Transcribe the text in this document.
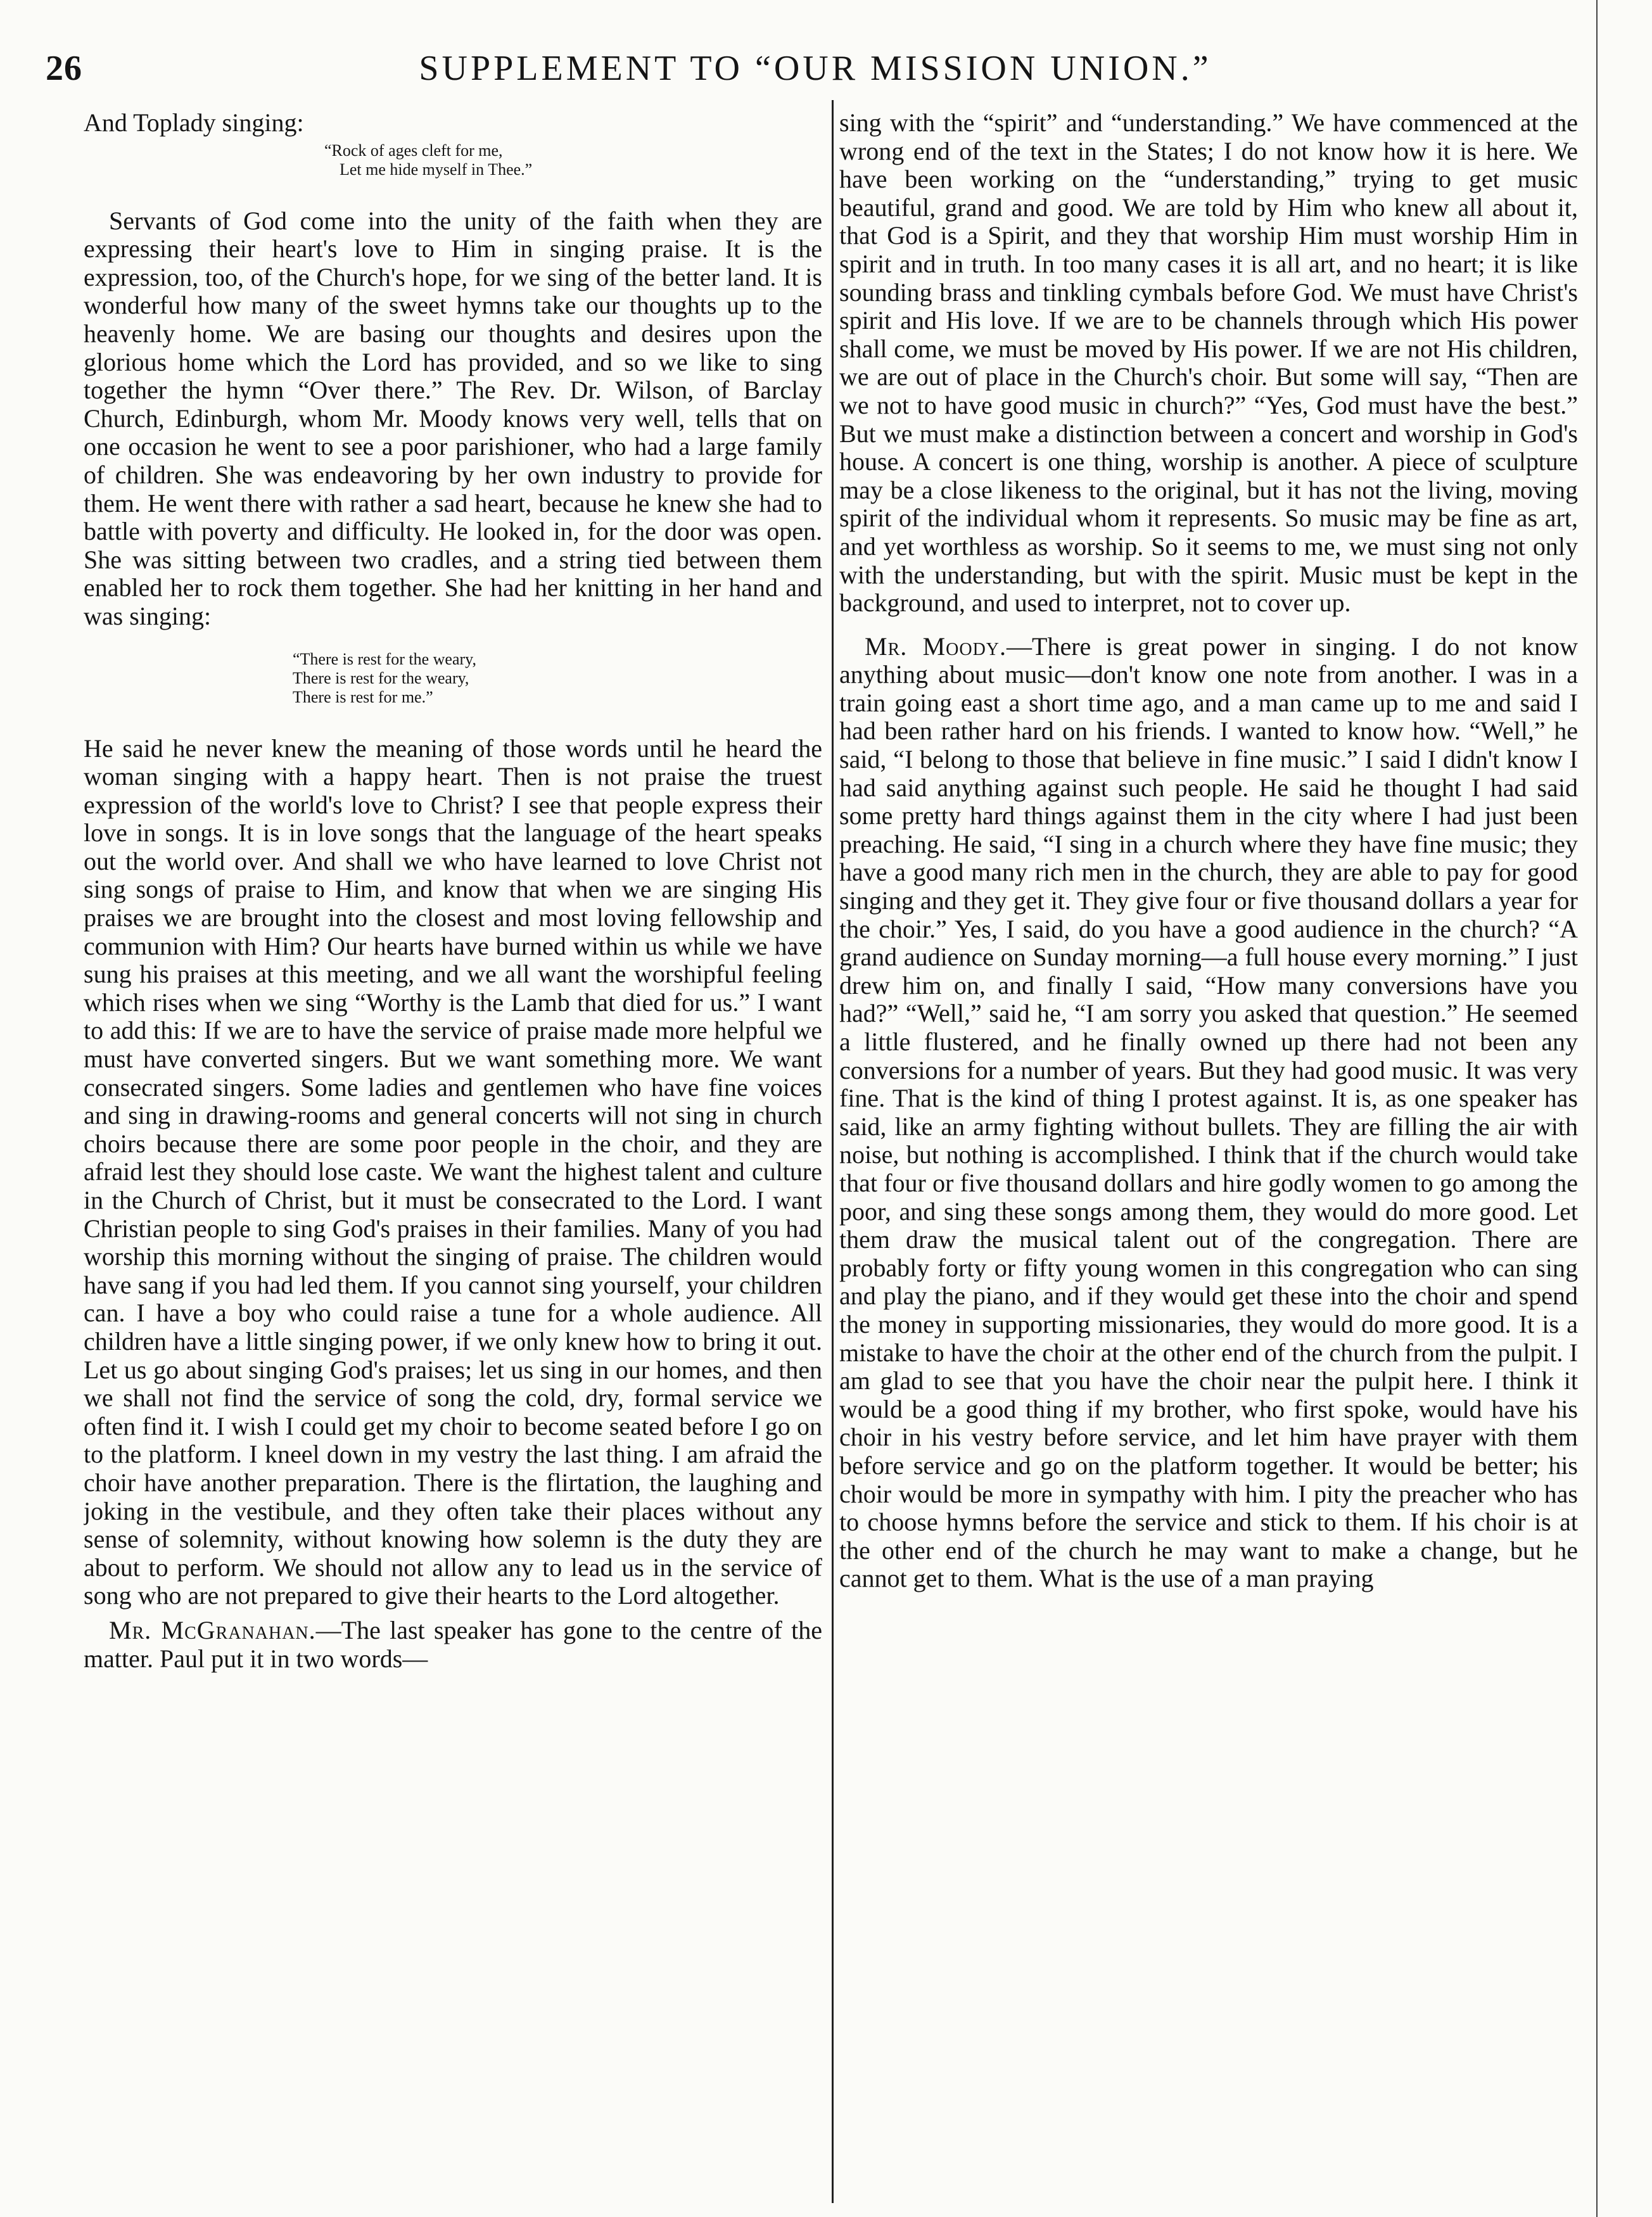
26	SUPPLEMENT TO “OUR MISSION UNION.”

And Toplady singing:

“Rock of ages cleft for me,
Let me hide myself in Thee.”

Servants of God come into the unity of the faith when they are expressing their heart's love to Him in singing praise. It is the expression, too, of the Church's hope, for we sing of the better land. It is wonderful how many of the sweet hymns take our thoughts up to the heavenly home. We are basing our thoughts and desires upon the glorious home which the Lord has provided, and so we like to sing together the hymn “Over there.” The Rev. Dr. Wilson, of Barclay Church, Edinburgh, whom Mr. Moody knows very well, tells that on one occasion he went to see a poor parishioner, who had a large family of children. She was endeavoring by her own industry to provide for them. He went there with rather a sad heart, because he knew she had to battle with poverty and difficulty. He looked in, for the door was open. She was sitting between two cradles, and a string tied between them enabled her to rock them together. She had her knitting in her hand and was singing:

“There is rest for the weary,
There is rest for the weary,
There is rest for me.”

He said he never knew the meaning of those words until he heard the woman singing with a happy heart. Then is not praise the truest expression of the world's love to Christ? I see that people express their love in songs. It is in love songs that the language of the heart speaks out the world over. And shall we who have learned to love Christ not sing songs of praise to Him, and know that when we are singing His praises we are brought into the closest and most loving fellowship and communion with Him? Our hearts have burned within us while we have sung his praises at this meeting, and we all want the worshipful feeling which rises when we sing “Worthy is the Lamb that died for us.” I want to add this: If we are to have the service of praise made more helpful we must have converted singers. But we want something more. We want consecrated singers. Some ladies and gentlemen who have fine voices and sing in drawing-rooms and general concerts will not sing in church choirs because there are some poor people in the choir, and they are afraid lest they should lose caste. We want the highest talent and culture in the Church of Christ, but it must be consecrated to the Lord. I want Christian people to sing God's praises in their families. Many of you had worship this morning without the singing of praise. The children would have sang if you had led them. If you cannot sing yourself, your children can. I have a boy who could raise a tune for a whole audience. All children have a little singing power, if we only knew how to bring it out. Let us go about singing God's praises; let us sing in our homes, and then we shall not find the service of song the cold, dry, formal service we often find it. I wish I could get my choir to become seated before I go on to the platform. I kneel down in my vestry the last thing. I am afraid the choir have another preparation. There is the flirtation, the laughing and joking in the vestibule, and they often take their places without any sense of solemnity, without knowing how solemn is the duty they are about to perform. We should not allow any to lead us in the service of song who are not prepared to give their hearts to the Lord altogether.

Mr. McGranahan.—The last speaker has gone to the centre of the matter. Paul put it in two words—

sing with the “spirit” and “understanding.” We have commenced at the wrong end of the text in the States; I do not know how it is here. We have been working on the “understanding,” trying to get music beautiful, grand and good. We are told by Him who knew all about it, that God is a Spirit, and they that worship Him must worship Him in spirit and in truth. In too many cases it is all art, and no heart; it is like sounding brass and tinkling cymbals before God. We must have Christ's spirit and His love. If we are to be channels through which His power shall come, we must be moved by His power. If we are not His children, we are out of place in the Church's choir. But some will say, “Then are we not to have good music in church?” “Yes, God must have the best.” But we must make a distinction between a concert and worship in God's house. A concert is one thing, worship is another. A piece of sculpture may be a close likeness to the original, but it has not the living, moving spirit of the individual whom it represents. So music may be fine as art, and yet worthless as worship. So it seems to me, we must sing not only with the understanding, but with the spirit. Music must be kept in the background, and used to interpret, not to cover up.

Mr. Moody.—There is great power in singing. I do not know anything about music—don't know one note from another. I was in a train going east a short time ago, and a man came up to me and said I had been rather hard on his friends. I wanted to know how. “Well,” he said, “I belong to those that believe in fine music.” I said I didn't know I had said anything against such people. He said he thought I had said some pretty hard things against them in the city where I had just been preaching. He said, “I sing in a church where they have fine music; they have a good many rich men in the church, they are able to pay for good singing and they get it. They give four or five thousand dollars a year for the choir.” Yes, I said, do you have a good audience in the church? “A grand audience on Sunday morning—a full house every morning.” I just drew him on, and finally I said, “How many conversions have you had?” “Well,” said he, “I am sorry you asked that question.” He seemed a little flustered, and he finally owned up there had not been any conversions for a number of years. But they had good music. It was very fine. That is the kind of thing I protest against. It is, as one speaker has said, like an army fighting without bullets. They are filling the air with noise, but nothing is accomplished. I think that if the church would take that four or five thousand dollars and hire godly women to go among the poor, and sing these songs among them, they would do more good. Let them draw the musical talent out of the congregation. There are probably forty or fifty young women in this congregation who can sing and play the piano, and if they would get these into the choir and spend the money in supporting missionaries, they would do more good. It is a mistake to have the choir at the other end of the church from the pulpit. I am glad to see that you have the choir near the pulpit here. I think it would be a good thing if my brother, who first spoke, would have his choir in his vestry before service, and let him have prayer with them before service and go on the platform together. It would be better; his choir would be more in sympathy with him. I pity the preacher who has to choose hymns before the service and stick to them. If his choir is at the other end of the church he may want to make a change, but he cannot get to them. What is the use of a man praying
